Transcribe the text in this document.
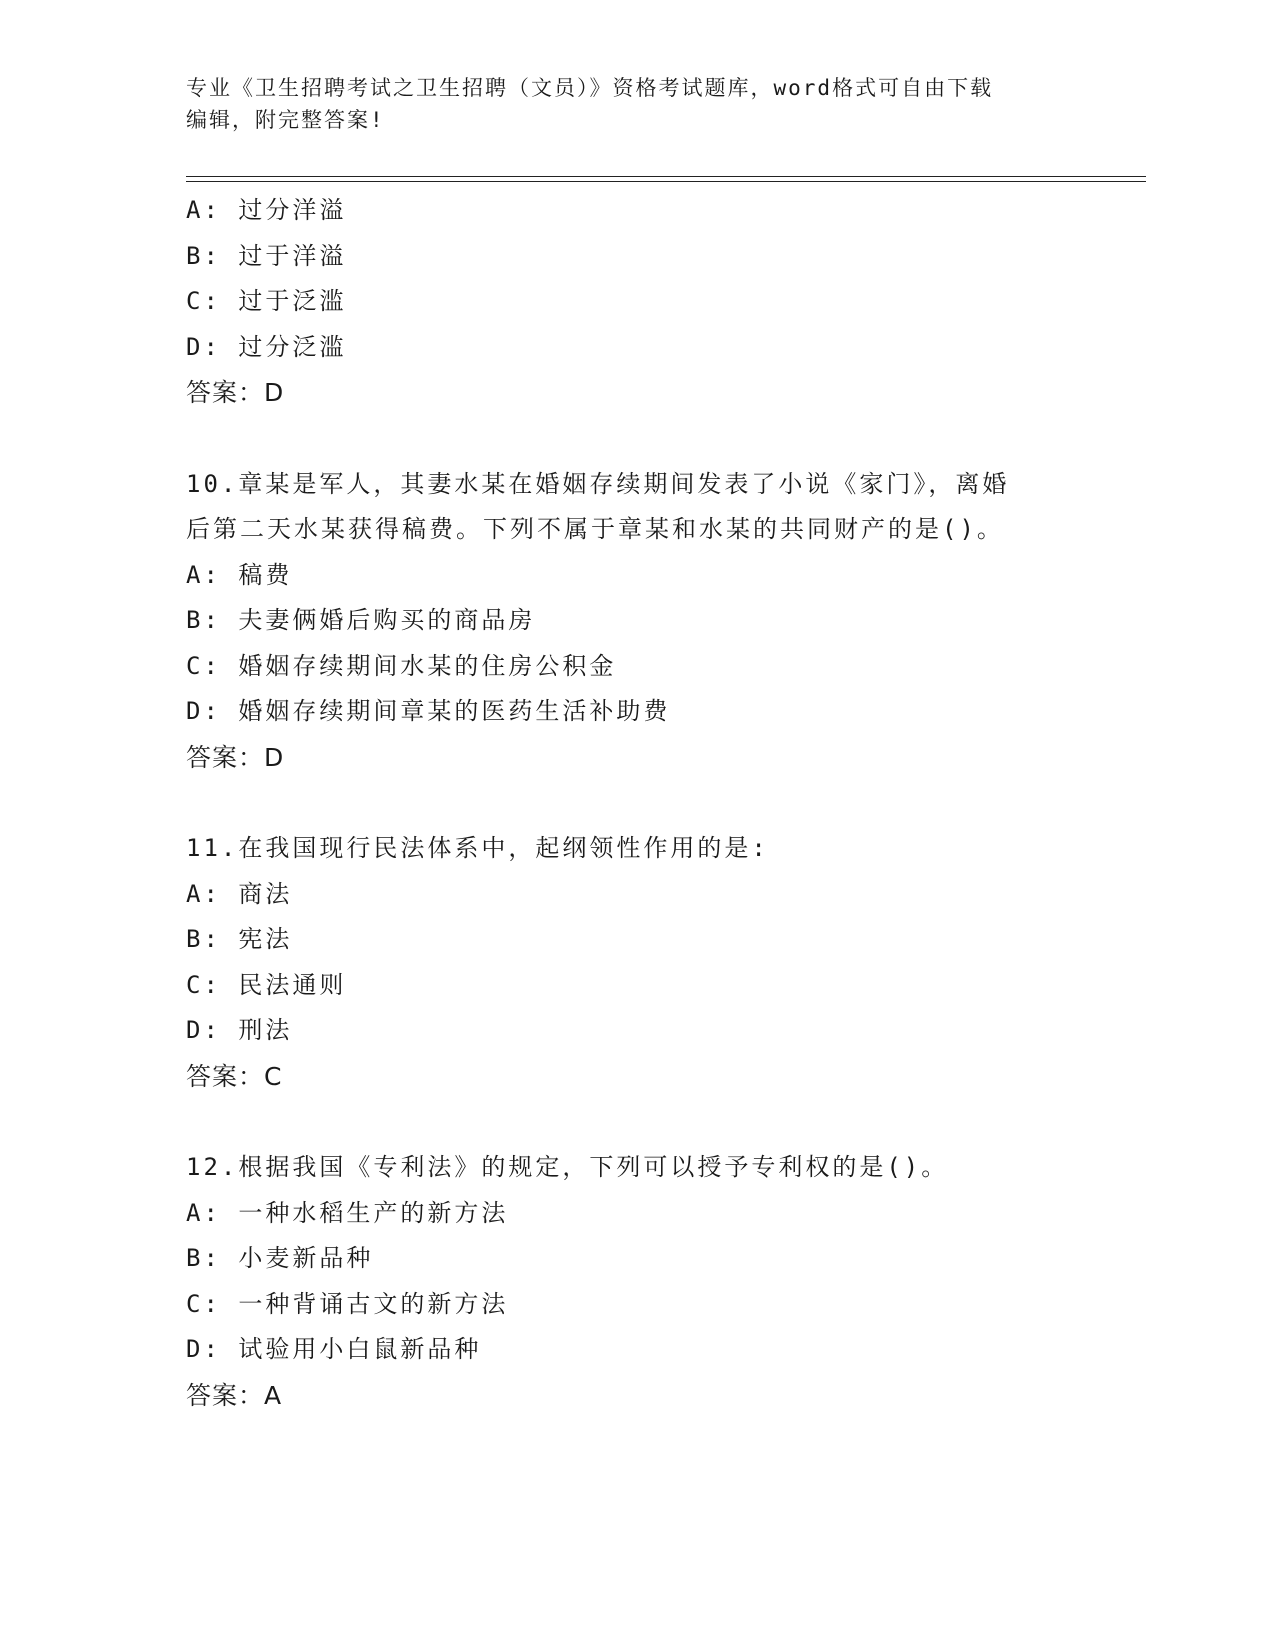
专业《卫生招聘考试之卫生招聘（文员）》资格考试题库，word格式可自由下载
编辑，附完整答案!
A: 过分洋溢
B: 过于洋溢
C: 过于泛滥
D: 过分泛滥
答案：D
10.章某是军人，其妻水某在婚姻存续期间发表了小说《家门》，离婚
后第二天水某获得稿费。下列不属于章某和水某的共同财产的是()。
A: 稿费
B: 夫妻俩婚后购买的商品房
C: 婚姻存续期间水某的住房公积金
D: 婚姻存续期间章某的医药生活补助费
答案：D
11.在我国现行民法体系中，起纲领性作用的是:
A: 商法
B: 宪法
C: 民法通则
D: 刑法
答案：C
12.根据我国《专利法》的规定，下列可以授予专利权的是()。
A: 一种水稻生产的新方法
B: 小麦新品种
C: 一种背诵古文的新方法
D: 试验用小白鼠新品种
答案：A
